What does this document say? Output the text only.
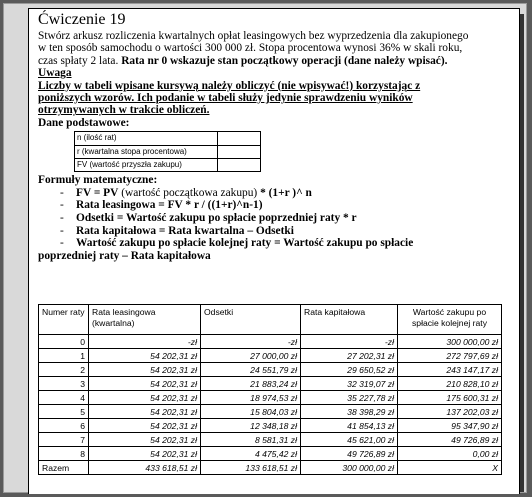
Ćwiczenie 19

Stwórz arkusz rozliczenia kwartalnych opłat leasingowych bez wyprzedzenia dla zakupionego

w ten sposób samochodu o wartości 300 000 zł. Stopa procentowa wynosi 36% w skali roku,

czas spłaty 2 lata. Rata nr 0 wskazuje stan początkowy operacji (dane należy wpisać).

Uwaga

Liczby w tabeli wpisane kursywą należy obliczyć (nie wpisywać!) korzystając z

poniższych wzorów. Ich podanie w tabeli służy jedynie sprawdzeniu wyników

otrzymywanych w trakcie obliczeń.

Dane podstawowe:

n (ilość rat)	
r (kwartalna stopa procentowa)	
FV (wartość przyszła zakupu)	

Formuły matematyczne:

- FV = PV (wartość początkowa zakupu) * (1+r )^ n
- Rata leasingowa = FV * r / ((1+r)^n-1)
- Odsetki = Wartość zakupu po spłacie poprzedniej raty * r
- Rata kapitałowa = Rata kwartalna – Odsetki
- Wartość zakupu po spłacie kolejnej raty = Wartość zakupu po spłacie

poprzedniej raty – Rata kapitałowa

Numer raty	Rata leasingowa (kwartalna)	Odsetki	Rata kapitałowa	Wartość zakupu po spłacie kolejnej raty
0	-zł	-zł	-zł	300 000,00 zł
1	54 202,31 zł	27 000,00 zł	27 202,31 zł	272 797,69 zł
2	54 202,31 zł	24 551,79 zł	29 650,52 zł	243 147,17 zł
3	54 202,31 zł	21 883,24 zł	32 319,07 zł	210 828,10 zł
4	54 202,31 zł	18 974,53 zł	35 227,78 zł	175 600,31 zł
5	54 202,31 zł	15 804,03 zł	38 398,29 zł	137 202,03 zł
6	54 202,31 zł	12 348,18 zł	41 854,13 zł	95 347,90 zł
7	54 202,31 zł	8 581,31 zł	45 621,00 zł	49 726,89 zł
8	54 202,31 zł	4 475,42 zł	49 726,89 zł	0,00 zł
Razem	433 618,51 zł	133 618,51 zł	300 000,00 zł	X
